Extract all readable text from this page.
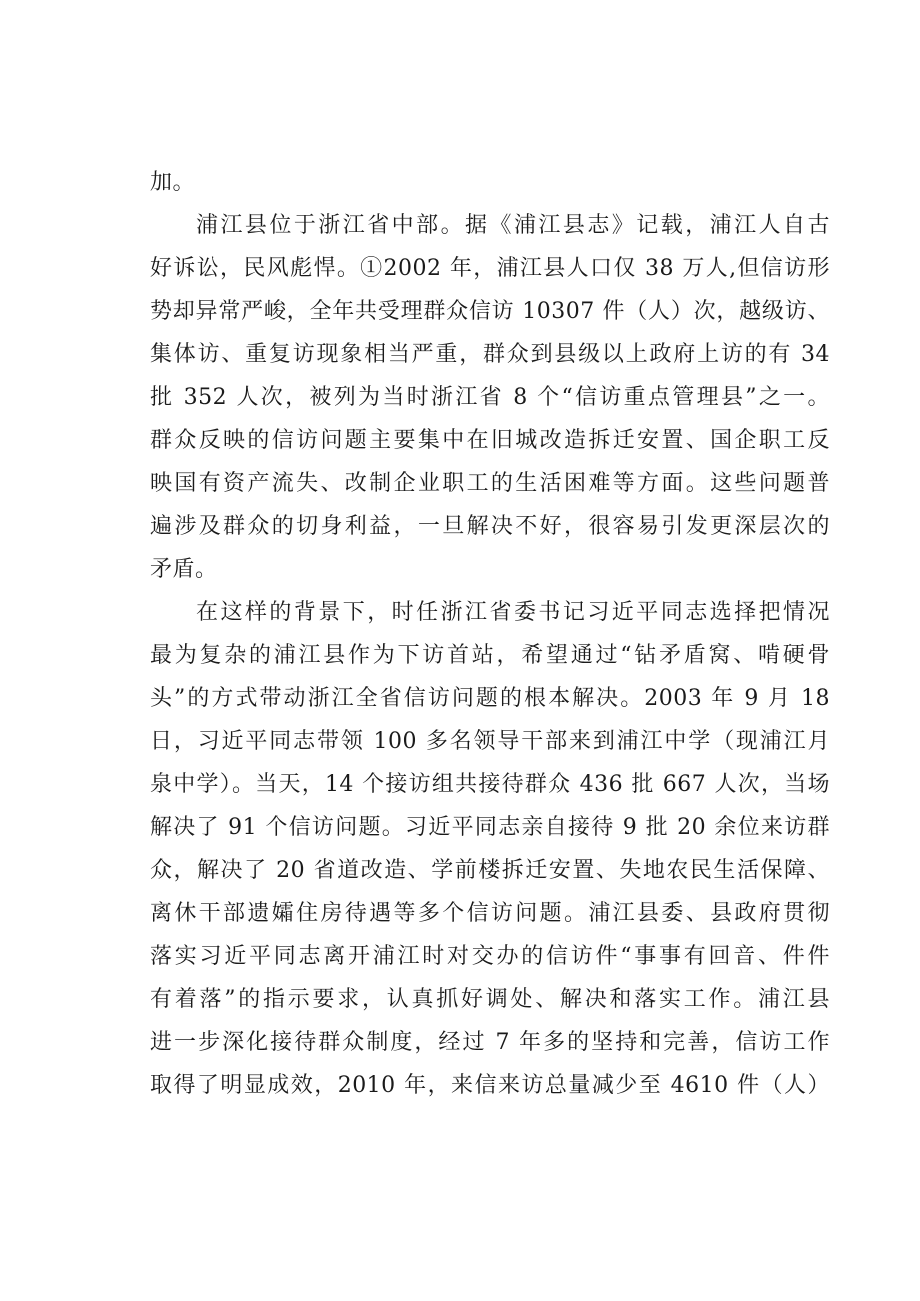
加。
浦江县位于浙江省中部。据《浦江县志》记载，浦江人自古
好诉讼，民风彪悍。①2002 年，浦江县人口仅 38 万人,但信访形
势却异常严峻，全年共受理群众信访 10307 件（人）次，越级访、
集体访、重复访现象相当严重，群众到县级以上政府上访的有 34
批 352 人次，被列为当时浙江省 8 个“信访重点管理县”之一。
群众反映的信访问题主要集中在旧城改造拆迁安置、国企职工反
映国有资产流失、改制企业职工的生活困难等方面。这些问题普
遍涉及群众的切身利益，一旦解决不好，很容易引发更深层次的
矛盾。
在这样的背景下，时任浙江省委书记习近平同志选择把情况
最为复杂的浦江县作为下访首站，希望通过“钻矛盾窝、啃硬骨
头”的方式带动浙江全省信访问题的根本解决。2003 年 9 月 18
日，习近平同志带领 100 多名领导干部来到浦江中学（现浦江月
泉中学）。当天，14 个接访组共接待群众 436 批 667 人次，当场
解决了 91 个信访问题。习近平同志亲自接待 9 批 20 余位来访群
众，解决了 20 省道改造、学前楼拆迁安置、失地农民生活保障、
离休干部遗孀住房待遇等多个信访问题。浦江县委、县政府贯彻
落实习近平同志离开浦江时对交办的信访件“事事有回音、件件
有着落”的指示要求，认真抓好调处、解决和落实工作。浦江县
进一步深化接待群众制度，经过 7 年多的坚持和完善，信访工作
取得了明显成效，2010 年，来信来访总量减少至 4610 件（人）
